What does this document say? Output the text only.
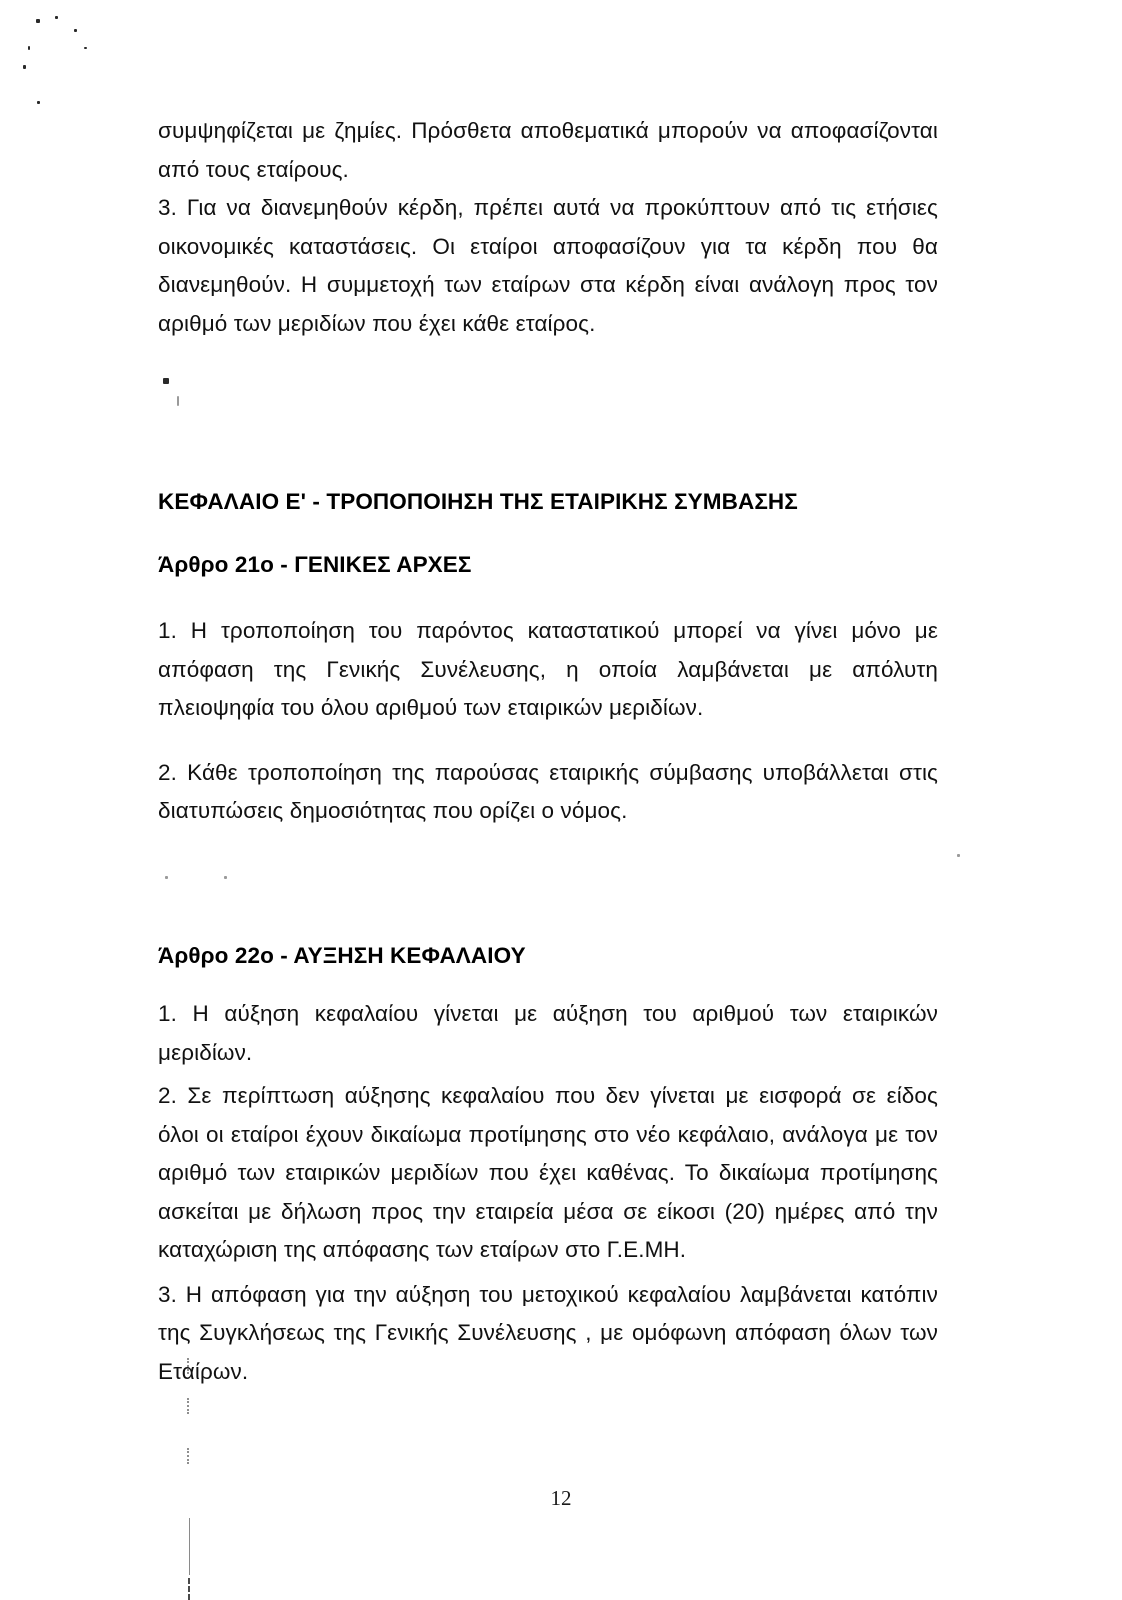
συμψηφίζεται με ζημίες. Πρόσθετα αποθεματικά μπορούν να αποφασίζονται από τους εταίρους.

3. Για να διανεμηθούν κέρδη, πρέπει αυτά να προκύπτουν από τις ετήσιες οικονομικές καταστάσεις. Οι εταίροι αποφασίζουν για τα κέρδη που θα διανεμηθούν. Η συμμετοχή των εταίρων στα κέρδη είναι ανάλογη προς τον αριθμό των μεριδίων που έχει κάθε εταίρος.

ΚΕΦΑΛΑΙΟ Ε' - ΤΡΟΠΟΠΟΙΗΣΗ ΤΗΣ ΕΤΑΙΡΙΚΗΣ ΣΥΜΒΑΣΗΣ
Άρθρο 21ο - ΓΕΝΙΚΕΣ ΑΡΧΕΣ

1. Η τροποποίηση του παρόντος καταστατικού μπορεί να γίνει μόνο με απόφαση της Γενικής Συνέλευσης, η οποία λαμβάνεται με απόλυτη πλειοψηφία του όλου αριθμού των εταιρικών μεριδίων.

2. Κάθε τροποποίηση της παρούσας εταιρικής σύμβασης υποβάλλεται στις διατυπώσεις δημοσιότητας που ορίζει ο νόμος.

Άρθρο 22ο - ΑΥΞΗΣΗ ΚΕΦΑΛΑΙΟΥ

1. Η αύξηση κεφαλαίου γίνεται με αύξηση του αριθμού των εταιρικών μεριδίων.

2. Σε περίπτωση αύξησης κεφαλαίου που δεν γίνεται με εισφορά σε είδος όλοι οι εταίροι έχουν δικαίωμα προτίμησης στο νέο κεφάλαιο, ανάλογα με τον αριθμό των εταιρικών μεριδίων που έχει καθένας. Το δικαίωμα προτίμησης ασκείται με δήλωση προς την εταιρεία μέσα σε είκοσι (20) ημέρες από την καταχώριση της απόφασης των εταίρων στο Γ.Ε.ΜΗ.

3. Η απόφαση για την αύξηση του μετοχικού κεφαλαίου λαμβάνεται κατόπιν της Συγκλήσεως της Γενικής Συνέλευσης , με ομόφωνη απόφαση όλων των Εταίρων.

12
